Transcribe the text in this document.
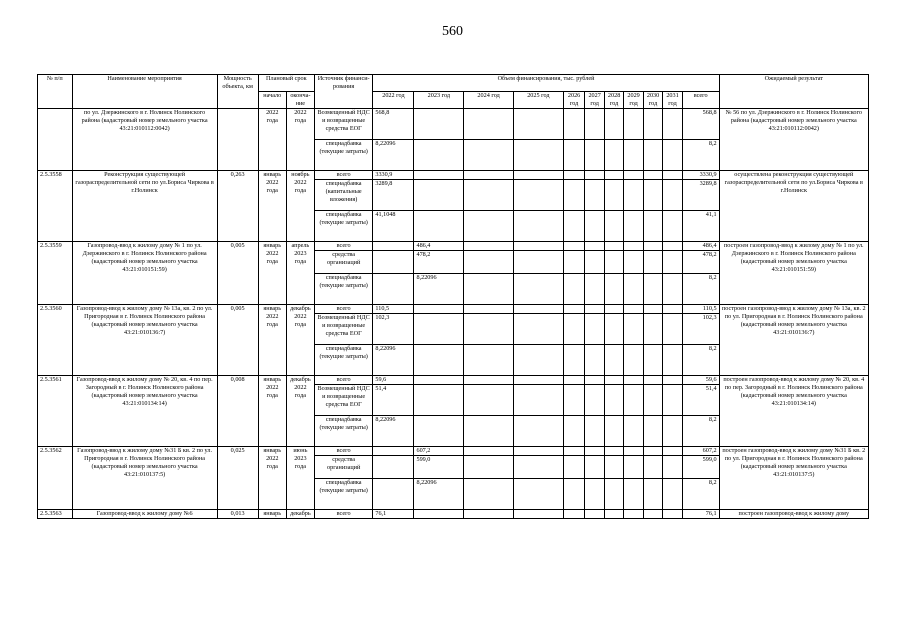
560
№ п/п	Наименование мероприятия	Мощность объекта, км	Плановый срок		Источник финанси-рования	Объем финансирования, тыс. рублей											Ожидаемый результат
			начало	оконча-ние													
						2022 год	2023 год	2024 год	2025 год	2026 год	2027 год	2028 год	2029 год	2030 год	2031 год	всего	
	по ул. Дзержинского в г. Нолинск Нолинского района (кадастровый номер земельного участка 43:21:010112:0042)		2022 года	2022 года	Возмещенный НДС и возвращенные средства ЕОГ	568,8										568,8	№ 56 по ул. Дзержинского в г. Нолинск Нолинского района (кадастровый номер земельного участка 43:21:010112:0042)
					спецнадбавка (текущие затраты)	8,22096										8,2	
2.5.3558	Реконструкция существующей газораспределительной сети по ул.Бориса Чиркова в г.Нолинск	0,263	январь 2022 года	ноябрь 2022 года	всего	3330,9										3330,9	осуществлена реконструкция существующей газораспределительной сети по ул.Бориса Чиркова в г.Нолинск
					спецнадбавка (капитальные вложения)	3289,8										3289,8	
					спецнадбавка (текущие затраты)	41,1048										41,1	
2.5.3559	Газопровод-ввод к жилому дому № 1 по ул. Дзержинского в г. Нолинск Нолинского района (кадастровый номер земельного участка 43:21:010151:59)	0,005	январь 2022 года	апрель 2023 года	всего		486,4									486,4	построен газопровод-ввод к жилому дому № 1 по ул. Дзержинского в г. Нолинск Нолинского района (кадастровый номер земельного участка 43:21:010151:59)
					средства организаций		478,2									478,2	
					спецнадбавка (текущие затраты)		8,22096									8,2	
2.5.3560	Газопровод-ввод к жилому дому № 13а, кв. 2 по ул. Пригородная в г. Нолинск Нолинского района (кадастровый номер земельного участка 43:21:010136:7)	0,005	январь 2022 года	декабрь 2022 года	всего	110,5										110,5	построен газопровод-ввод к жилому дому № 13а, кв. 2 по ул. Пригородная в г. Нолинск Нолинского района (кадастровый номер земельного участка 43:21:010136:7)
					Возмещенный НДС и возвращенные средства ЕОГ	102,3										102,3	
					спецнадбавка (текущие затраты)	8,22096										8,2	
2.5.3561	Газопровод-ввод к жилому дому № 20, кв. 4 по пер. Загородный в г. Нолинск Нолинского района (кадастровый номер земельного участка 43:21:010134:14)	0,008	январь 2022 года	декабрь 2022 года	всего	59,6										59,6	построен газопровод-ввод к жилому дому № 20, кв. 4 по пер. Загородный в г. Нолинск Нолинского района (кадастровый номер земельного участка 43:21:010134:14)
					Возмещенный НДС и возвращенные средства ЕОГ	51,4										51,4	
					спецнадбавка (текущие затраты)	8,22096										8,2	
2.5.3562	Газопровод-ввод к жилому дому №31 Б кв. 2 по ул. Пригородная в г. Нолинск Нолинского района (кадастровый номер земельного участка 43:21:010137:5)	0,025	январь 2022 года	июнь 2023 года	всего		607,2									607,2	построен газопровод-ввод к жилому дому №31 Б кв. 2 по ул. Пригородная в г. Нолинск Нолинского района (кадастровый номер земельного участка 43:21:010137:5)
					средства организаций		599,0									599,0	
					спецнадбавка (текущие затраты)		8,22096									8,2	
2.5.3563	Газопровод-ввод к жилому дому №6	0,013	январь	декабрь	всего	76,1										76,1	построен газопровод-ввод к жилому дому
